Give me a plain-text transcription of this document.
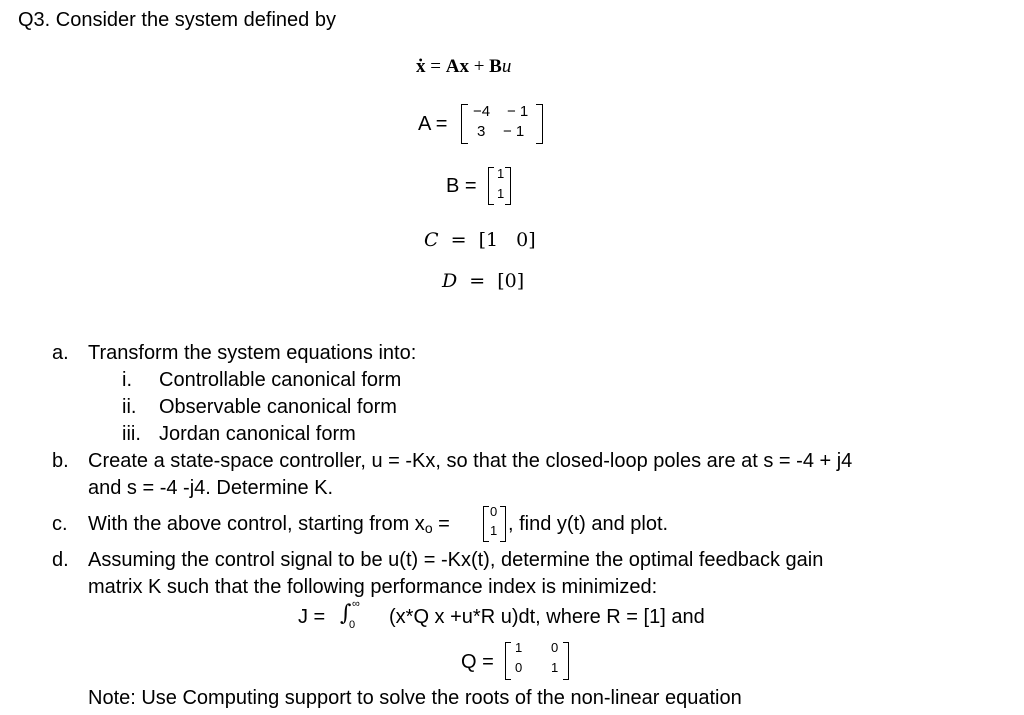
Q3. Consider the system defined by
ẋ = Ax + Bu
A =
−4 − 1
3 − 1
B =
1
1
C = [1   0]
D = [0]
a. Transform the system equations into:
i. Controllable canonical form
ii. Observable canonical form
iii. Jordan canonical form
b. Create a state-space controller, u = -Kx, so that the closed-loop poles are at s = -4 + j4
and s = -4 -j4. Determine K.
c. With the above control, starting from xo =
0
1 , find y(t) and plot.
d. Assuming the control signal to be u(t) = -Kx(t), determine the optimal feedback gain
matrix K such that the following performance index is minimized:
J = ∫ ∞
0 (x*Q x +u*R u)dt, where R = [1] and
Q =
1 0
0 1
Note: Use Computing support to solve the roots of the non-linear equation
